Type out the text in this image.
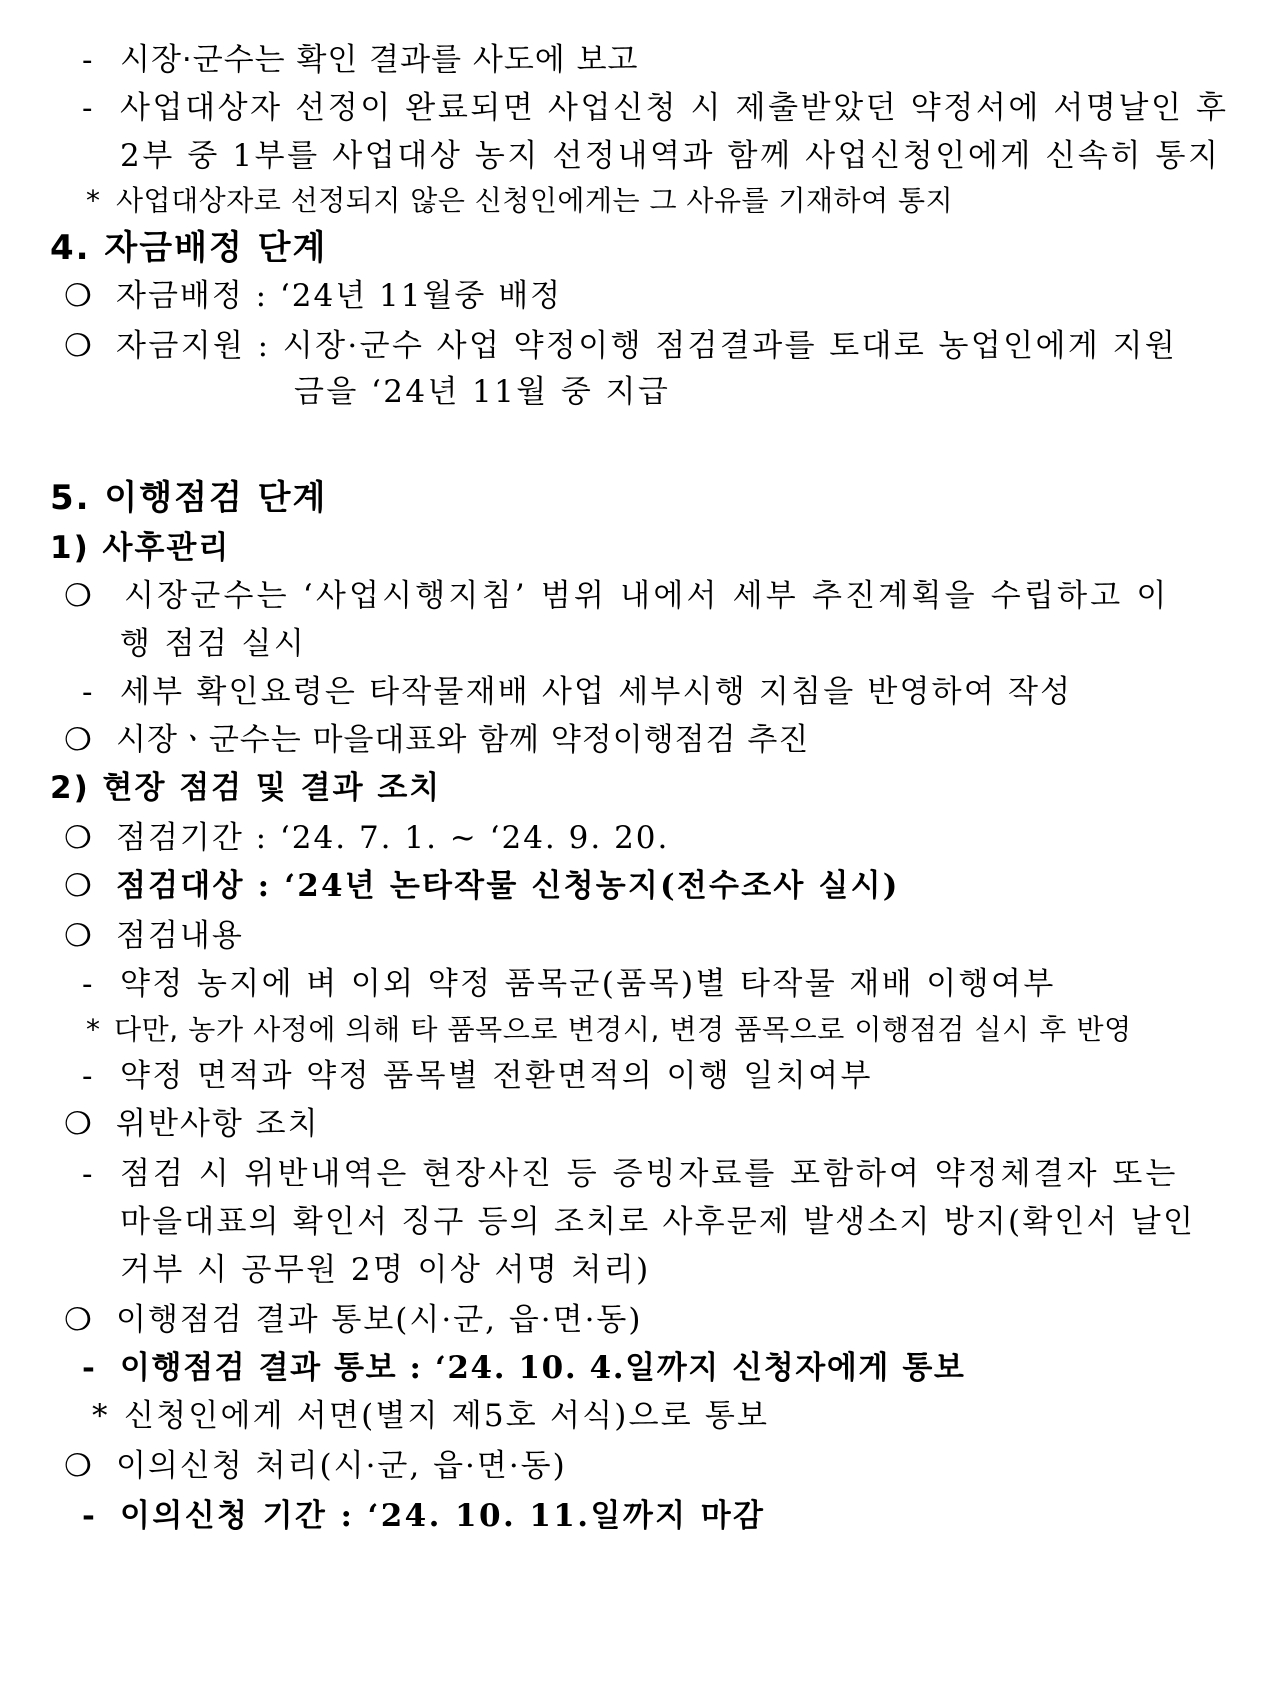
- 시장·군수는 확인 결과를 사도에 보고
- 사업대상자 선정이 완료되면 사업신청 시 제출받았던 약정서에 서명날인 후
2부 중 1부를 사업대상 농지 선정내역과 함께 사업신청인에게 신속히 통지
* 사업대상자로 선정되지 않은 신청인에게는 그 사유를 기재하여 통지
4. 자금배정 단계
❍ 자금배정 : ‘24년 11월중 배정
❍ 자금지원 : 시장·군수 사업 약정이행 점검결과를 토대로 농업인에게 지원
금을 ‘24년 11월 중 지급
5. 이행점검 단계
1) 사후관리
❍ 시장군수는 ‘사업시행지침’ 범위 내에서 세부 추진계획을 수립하고 이
행 점검 실시
- 세부 확인요령은 타작물재배 사업 세부시행 지침을 반영하여 작성
❍ 시장ㆍ군수는 마을대표와 함께 약정이행점검 추진
2) 현장 점검 및 결과 조치
❍ 점검기간 : ‘24. 7. 1. ~ ‘24. 9. 20.
❍ 점검대상 : ‘24년 논타작물 신청농지(전수조사 실시)
❍ 점검내용
- 약정 농지에 벼 이외 약정 품목군(품목)별 타작물 재배 이행여부
* 다만, 농가 사정에 의해 타 품목으로 변경시, 변경 품목으로 이행점검 실시 후 반영
- 약정 면적과 약정 품목별 전환면적의 이행 일치여부
❍ 위반사항 조치
- 점검 시 위반내역은 현장사진 등 증빙자료를 포함하여 약정체결자 또는
마을대표의 확인서 징구 등의 조치로 사후문제 발생소지 방지(확인서 날인
거부 시 공무원 2명 이상 서명 처리)
❍ 이행점검 결과 통보(시·군, 읍·면·동)
- 이행점검 결과 통보 : ‘24. 10. 4.일까지 신청자에게 통보
* 신청인에게 서면(별지 제5호 서식)으로 통보
❍ 이의신청 처리(시·군, 읍·면·동)
- 이의신청 기간 : ‘24. 10. 11.일까지 마감
